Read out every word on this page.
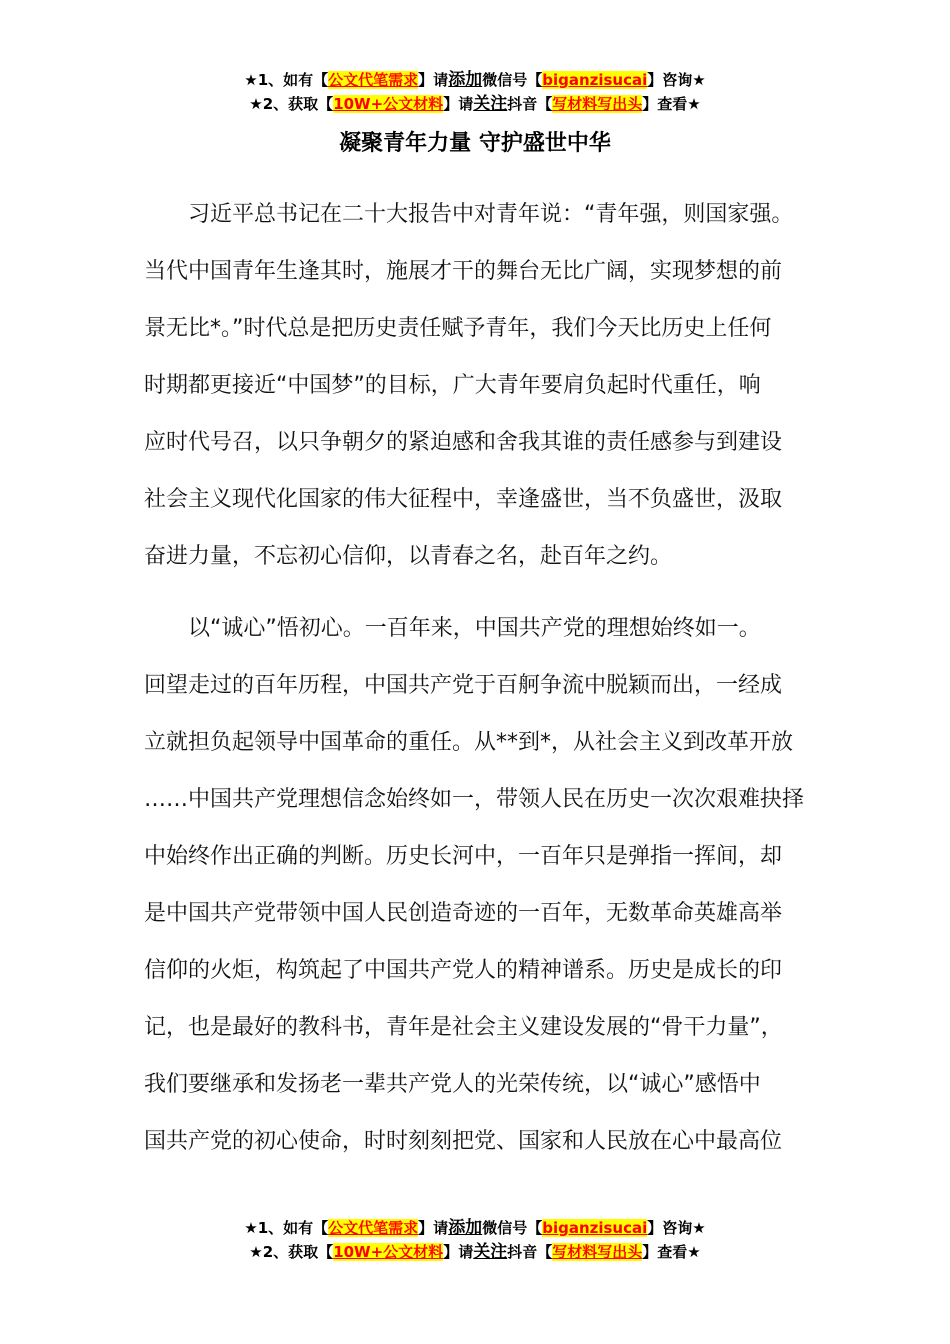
★1、如有【公文代笔需求】请添加微信号【biganzisucai】咨询★
★2、获取【10W+公文材料】请关注抖音【写材料写出头】查看★
凝聚青年力量 守护盛世中华
习近平总书记在二十大报告中对青年说：“青年强，则国家强。
当代中国青年生逢其时，施展才干的舞台无比广阔，实现梦想的前
景无比*。”时代总是把历史责任赋予青年，我们今天比历史上任何
时期都更接近“中国梦”的目标，广大青年要肩负起时代重任，响
应时代号召，以只争朝夕的紧迫感和舍我其谁的责任感参与到建设
社会主义现代化国家的伟大征程中，幸逢盛世，当不负盛世，汲取
奋进力量，不忘初心信仰，以青春之名，赴百年之约。
以“诚心”悟初心。一百年来，中国共产党的理想始终如一。
回望走过的百年历程，中国共产党于百舸争流中脱颖而出，一经成
立就担负起领导中国革命的重任。从**到*，从社会主义到改革开放
……中国共产党理想信念始终如一，带领人民在历史一次次艰难抉择
中始终作出正确的判断。历史长河中，一百年只是弹指一挥间，却
是中国共产党带领中国人民创造奇迹的一百年，无数革命英雄高举
信仰的火炬，构筑起了中国共产党人的精神谱系。历史是成长的印
记，也是最好的教科书，青年是社会主义建设发展的“骨干力量”，
我们要继承和发扬老一辈共产党人的光荣传统，以“诚心”感悟中
国共产党的初心使命，时时刻刻把党、国家和人民放在心中最高位
★1、如有【公文代笔需求】请添加微信号【biganzisucai】咨询★
★2、获取【10W+公文材料】请关注抖音【写材料写出头】查看★
